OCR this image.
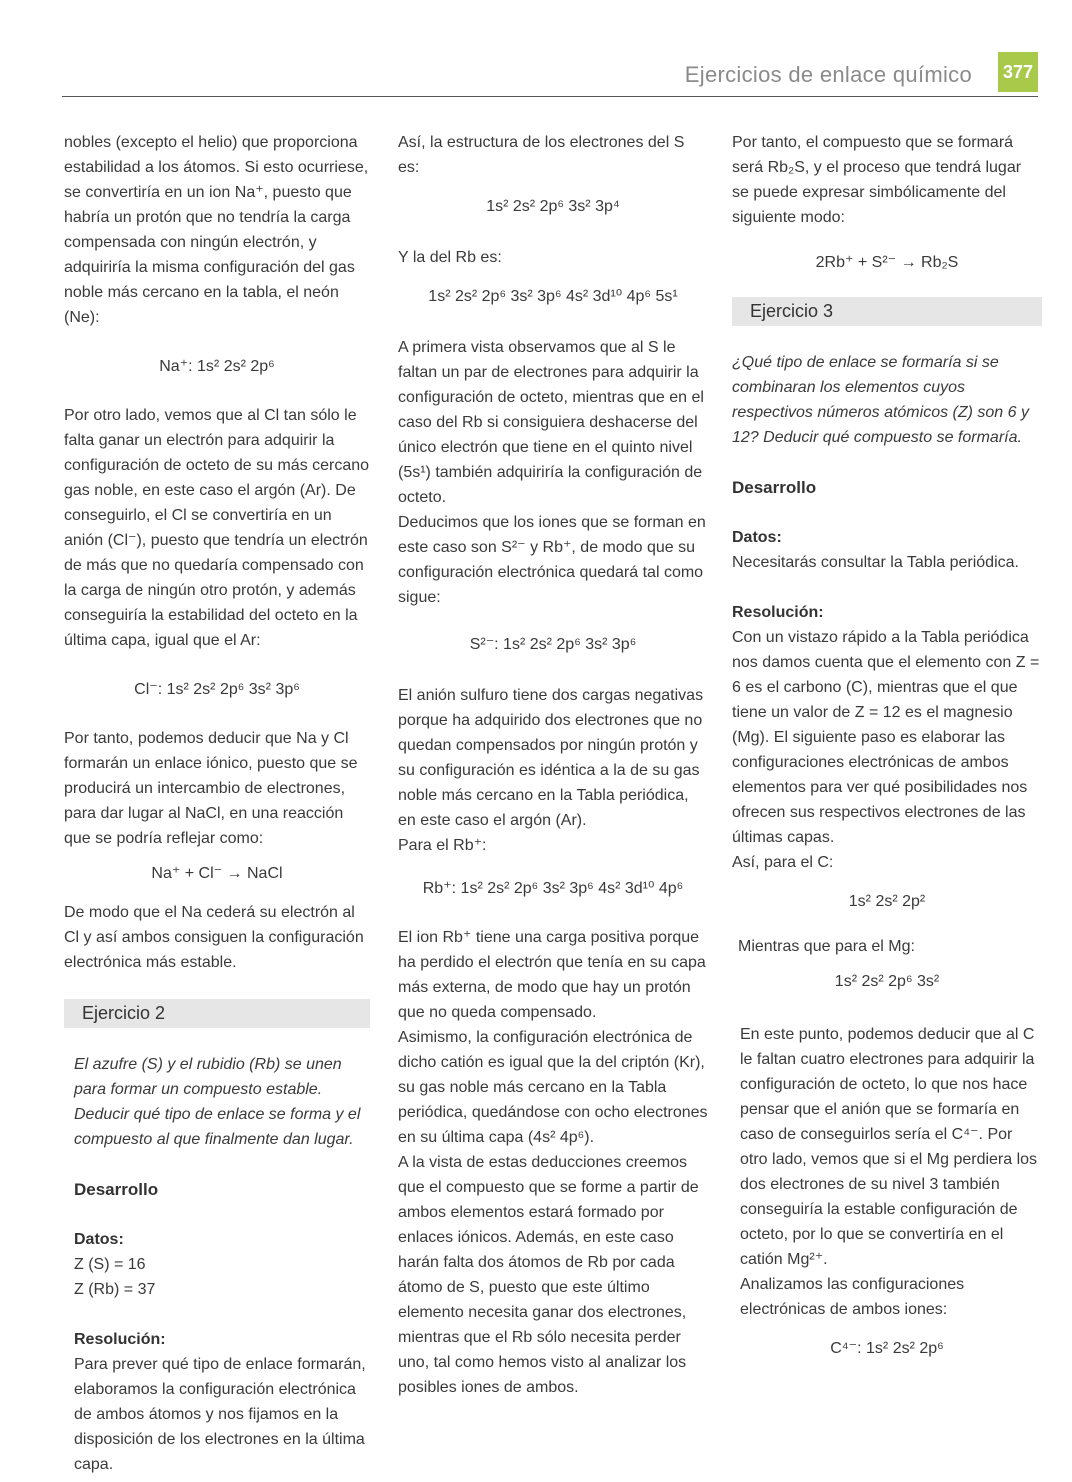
Ejercicios de enlace químico 377

nobles (excepto el helio) que proporciona estabilidad a los átomos. Si esto ocurriese, se convertiría en un ion Na⁺, puesto que habría un protón que no tendría la carga compensada con ningún electrón, y adquiriría la misma configuración del gas noble más cercano en la tabla, el neón (Ne):

Na⁺: 1s² 2s² 2p⁶

Por otro lado, vemos que al Cl tan sólo le falta ganar un electrón para adquirir la configuración de octeto de su más cercano gas noble, en este caso el argón (Ar). De conseguirlo, el Cl se convertiría en un anión (Cl⁻), puesto que tendría un electrón de más que no quedaría compensado con la carga de ningún otro protón, y además conseguiría la estabilidad del octeto en la última capa, igual que el Ar:

Cl⁻: 1s² 2s² 2p⁶ 3s² 3p⁶

Por tanto, podemos deducir que Na y Cl formarán un enlace iónico, puesto que se producirá un intercambio de electrones, para dar lugar al NaCl, en una reacción que se podría reflejar como:

Na⁺ + Cl⁻ → NaCl

De modo que el Na cederá su electrón al Cl y así ambos consiguen la configuración electrónica más estable.

Ejercicio 2

El azufre (S) y el rubidio (Rb) se unen para formar un compuesto estable. Deducir qué tipo de enlace se forma y el compuesto al que finalmente dan lugar.

Desarrollo

Datos:

Z (S) = 16

Z (Rb) = 37

Resolución:

Para prever qué tipo de enlace formarán, elaboramos la configuración electrónica de ambos átomos y nos fijamos en la disposición de los electrones en la última capa.

Así, la estructura de los electrones del S es:

1s² 2s² 2p⁶ 3s² 3p⁴

Y la del Rb es:

1s² 2s² 2p⁶ 3s² 3p⁶ 4s² 3d¹⁰ 4p⁶ 5s¹

A primera vista observamos que al S le faltan un par de electrones para adquirir la configuración de octeto, mientras que en el caso del Rb si consiguiera deshacerse del único electrón que tiene en el quinto nivel (5s¹) también adquiriría la configuración de octeto.

Deducimos que los iones que se forman en este caso son S²⁻ y Rb⁺, de modo que su configuración electrónica quedará tal como sigue:

S²⁻: 1s² 2s² 2p⁶ 3s² 3p⁶

El anión sulfuro tiene dos cargas negativas porque ha adquirido dos electrones que no quedan compensados por ningún protón y su configuración es idéntica a la de su gas noble más cercano en la Tabla periódica, en este caso el argón (Ar).

Para el Rb⁺:

Rb⁺: 1s² 2s² 2p⁶ 3s² 3p⁶ 4s² 3d¹⁰ 4p⁶

El ion Rb⁺ tiene una carga positiva porque ha perdido el electrón que tenía en su capa más externa, de modo que hay un protón que no queda compensado.

Asimismo, la configuración electrónica de dicho catión es igual que la del criptón (Kr), su gas noble más cercano en la Tabla periódica, quedándose con ocho electrones en su última capa (4s² 4p⁶).

A la vista de estas deducciones creemos que el compuesto que se forme a partir de ambos elementos estará formado por enlaces iónicos. Además, en este caso harán falta dos átomos de Rb por cada átomo de S, puesto que este último elemento necesita ganar dos electrones, mientras que el Rb sólo necesita perder uno, tal como hemos visto al analizar los posibles iones de ambos.

Por tanto, el compuesto que se formará será Rb₂S, y el proceso que tendrá lugar se puede expresar simbólicamente del siguiente modo:

2Rb⁺ + S²⁻ → Rb₂S

Ejercicio 3

¿Qué tipo de enlace se formaría si se combinaran los elementos cuyos respectivos números atómicos (Z) son 6 y 12? Deducir qué compuesto se formaría.

Desarrollo

Datos:

Necesitarás consultar la Tabla periódica.

Resolución:

Con un vistazo rápido a la Tabla periódica nos damos cuenta que el elemento con Z = 6 es el carbono (C), mientras que el que tiene un valor de Z = 12 es el magnesio (Mg). El siguiente paso es elaborar las configuraciones electrónicas de ambos elementos para ver qué posibilidades nos ofrecen sus respectivos electrones de las últimas capas.

Así, para el C:

1s² 2s² 2p²

Mientras que para el Mg:

1s² 2s² 2p⁶ 3s²

En este punto, podemos deducir que al C le faltan cuatro electrones para adquirir la configuración de octeto, lo que nos hace pensar que el anión que se formaría en caso de conseguirlos sería el C⁴⁻. Por otro lado, vemos que si el Mg perdiera los dos electrones de su nivel 3 también conseguiría la estable configuración de octeto, por lo que se convertiría en el catión Mg²⁺.

Analizamos las configuraciones electrónicas de ambos iones:

C⁴⁻: 1s² 2s² 2p⁶
